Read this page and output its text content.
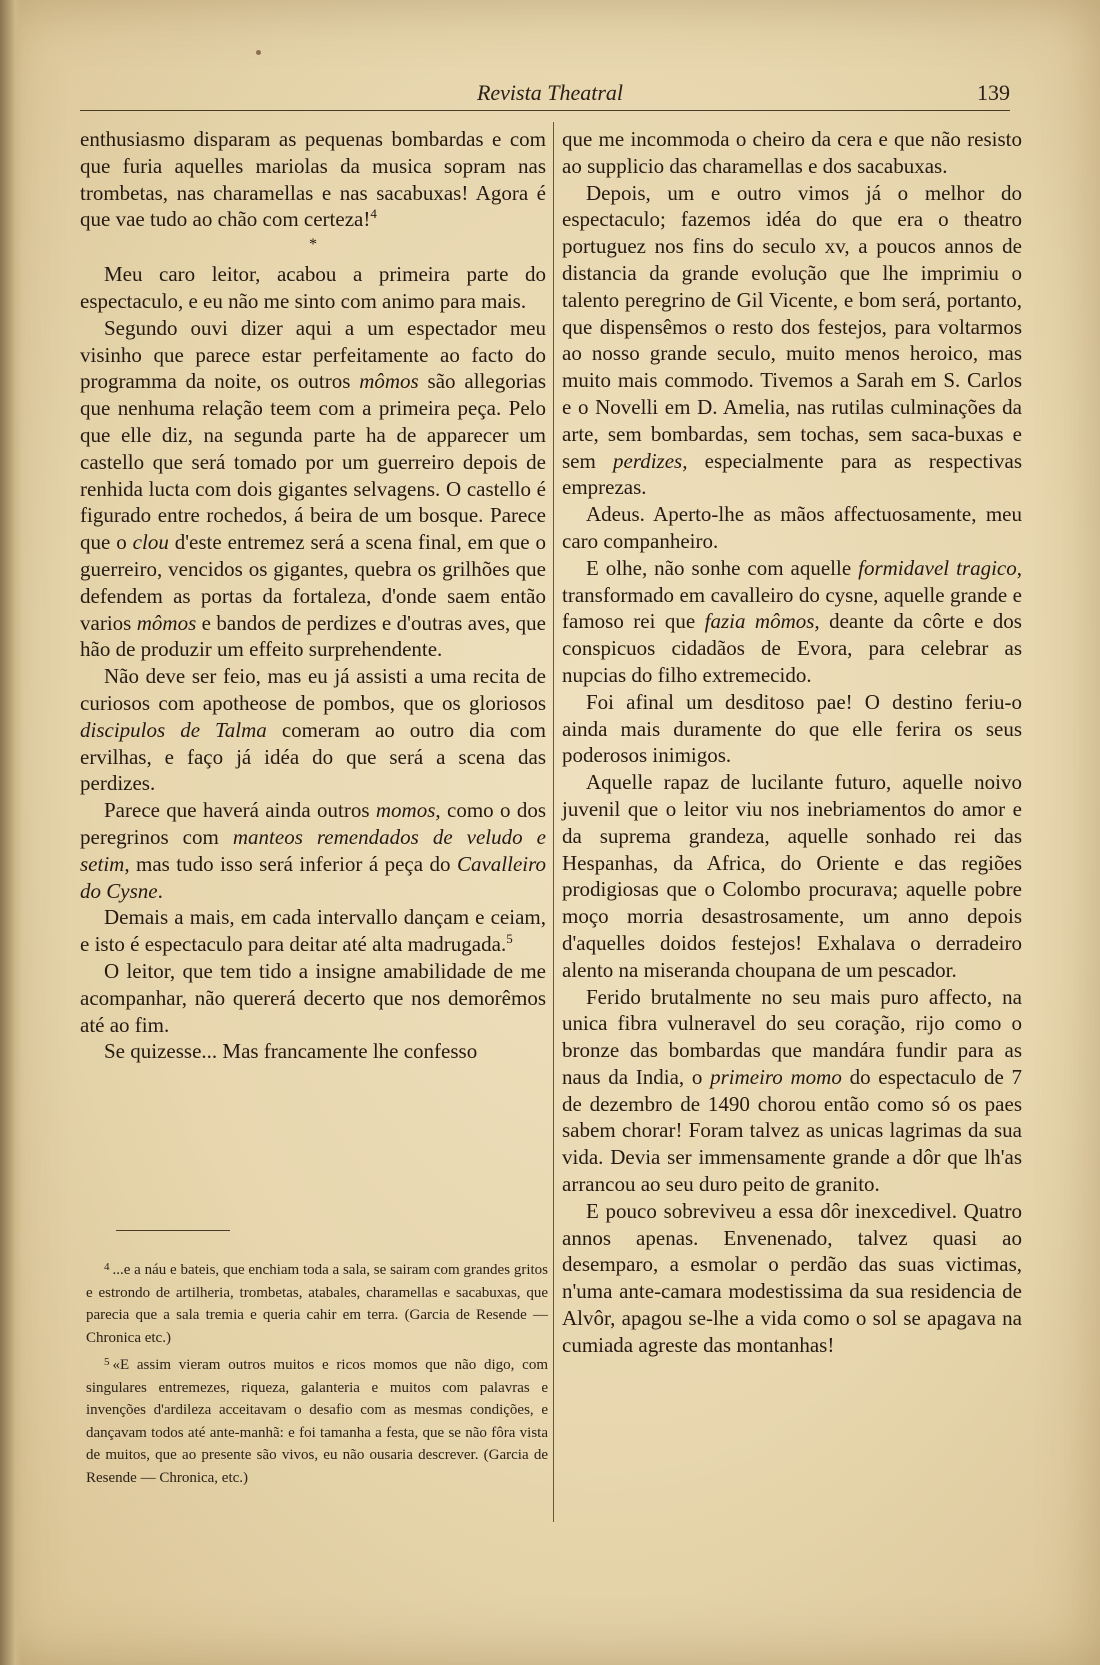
Revista Theatral	139

enthusiasmo disparam as pequenas bombardas e com que furia aquelles mariolas da musica sopram nas trombetas, nas charamellas e nas sacabuxas! Agora é que vae tudo ao chão com certeza!$^4$

*

Meu caro leitor, acabou a primeira parte do espectaculo, e eu não me sinto com animo para mais.

Segundo ouvi dizer aqui a um espectador meu visinho que parece estar perfeitamente ao facto do programma da noite, os outros mômos são allegorias que nenhuma relação teem com a primeira peça. Pelo que elle diz, na segunda parte ha de apparecer um castello que será tomado por um guerreiro depois de renhida lucta com dois gigantes selvagens. O castello é figurado entre rochedos, á beira de um bosque. Parece que o clou d'este entremez será a scena final, em que o guerreiro, vencidos os gigantes, quebra os grilhões que defendem as portas da fortaleza, d'onde saem então varios mômos e bandos de perdizes e d'outras aves, que hão de produzir um effeito surprehendente.

Não deve ser feio, mas eu já assisti a uma recita de curiosos com apotheose de pombos, que os gloriosos discipulos de Talma comeram ao outro dia com ervilhas, e faço já idéa do que será a scena das perdizes.

Parece que haverá ainda outros momos, como o dos peregrinos com manteos remendados de veludo e setim, mas tudo isso será inferior á peça do Cavalleiro do Cysne.

Demais a mais, em cada intervallo dançam e ceiam, e isto é espectaculo para deitar até alta madrugada.$^5$

O leitor, que tem tido a insigne amabilidade de me acompanhar, não quererá decerto que nos demorêmos até ao fim.

Se quizesse... Mas francamente lhe confesso

que me incommoda o cheiro da cera e que não resisto ao supplicio das charamellas e dos sacabuxas.

Depois, um e outro vimos já o melhor do espectaculo; fazemos idéa do que era o theatro portuguez nos fins do seculo xv, a poucos annos de distancia da grande evolução que lhe imprimiu o talento peregrino de Gil Vicente, e bom será, portanto, que dispensêmos o resto dos festejos, para voltarmos ao nosso grande seculo, muito menos heroico, mas muito mais commodo. Tivemos a Sarah em S. Carlos e o Novelli em D. Amelia, nas rutilas culminações da arte, sem bombardas, sem tochas, sem saca-buxas e sem perdizes, especialmente para as respectivas emprezas.

Adeus. Aperto-lhe as mãos affectuosamente, meu caro companheiro.

E olhe, não sonhe com aquelle formidavel tragico, transformado em cavalleiro do cysne, aquelle grande e famoso rei que fazia mômos, deante da côrte e dos conspicuos cidadãos de Evora, para celebrar as nupcias do filho extremecido.

Foi afinal um desditoso pae! O destino feriu-o ainda mais duramente do que elle ferira os seus poderosos inimigos.

Aquelle rapaz de lucilante futuro, aquelle noivo juvenil que o leitor viu nos inebriamentos do amor e da suprema grandeza, aquelle sonhado rei das Hespanhas, da Africa, do Oriente e das regiões prodigiosas que o Colombo procurava; aquelle pobre moço morria desastrosamente, um anno depois d'aquelles doidos festejos! Exhalava o derradeiro alento na miseranda choupana de um pescador.

Ferido brutalmente no seu mais puro affecto, na unica fibra vulneravel do seu coração, rijo como o bronze das bombardas que mandára fundir para as naus da India, o primeiro momo do espectaculo de 7 de dezembro de 1490 chorou então como só os paes sabem chorar! Foram talvez as unicas lagrimas da sua vida. Devia ser immensamente grande a dôr que lh'as arrancou ao seu duro peito de granito.

E pouco sobreviveu a essa dôr inexcedivel. Quatro annos apenas. Envenenado, talvez quasi ao desemparo, a esmolar o perdão das suas victimas, n'uma ante-camara modestissima da sua residencia de Alvôr, apagou se-lhe a vida como o sol se apagava na cumiada agreste das montanhas!

$^4$ ...e a náu e bateis, que enchiam toda a sala, se sairam com grandes gritos e estrondo de artilheria, trombetas, atabales, charamellas e sacabuxas, que parecia que a sala tremia e queria cahir em terra. (Garcia de Resende — Chronica etc.)

$^5$ «E assim vieram outros muitos e ricos momos que não digo, com singulares entremezes, riqueza, galanteria e muitos com palavras e invenções d'ardileza acceitavam o desafio com as mesmas condições, e dançavam todos até ante-manhã: e foi tamanha a festa, que se não fôra vista de muitos, que ao presente são vivos, eu não ousaria descrever. (Garcia de Resende — Chronica, etc.)
